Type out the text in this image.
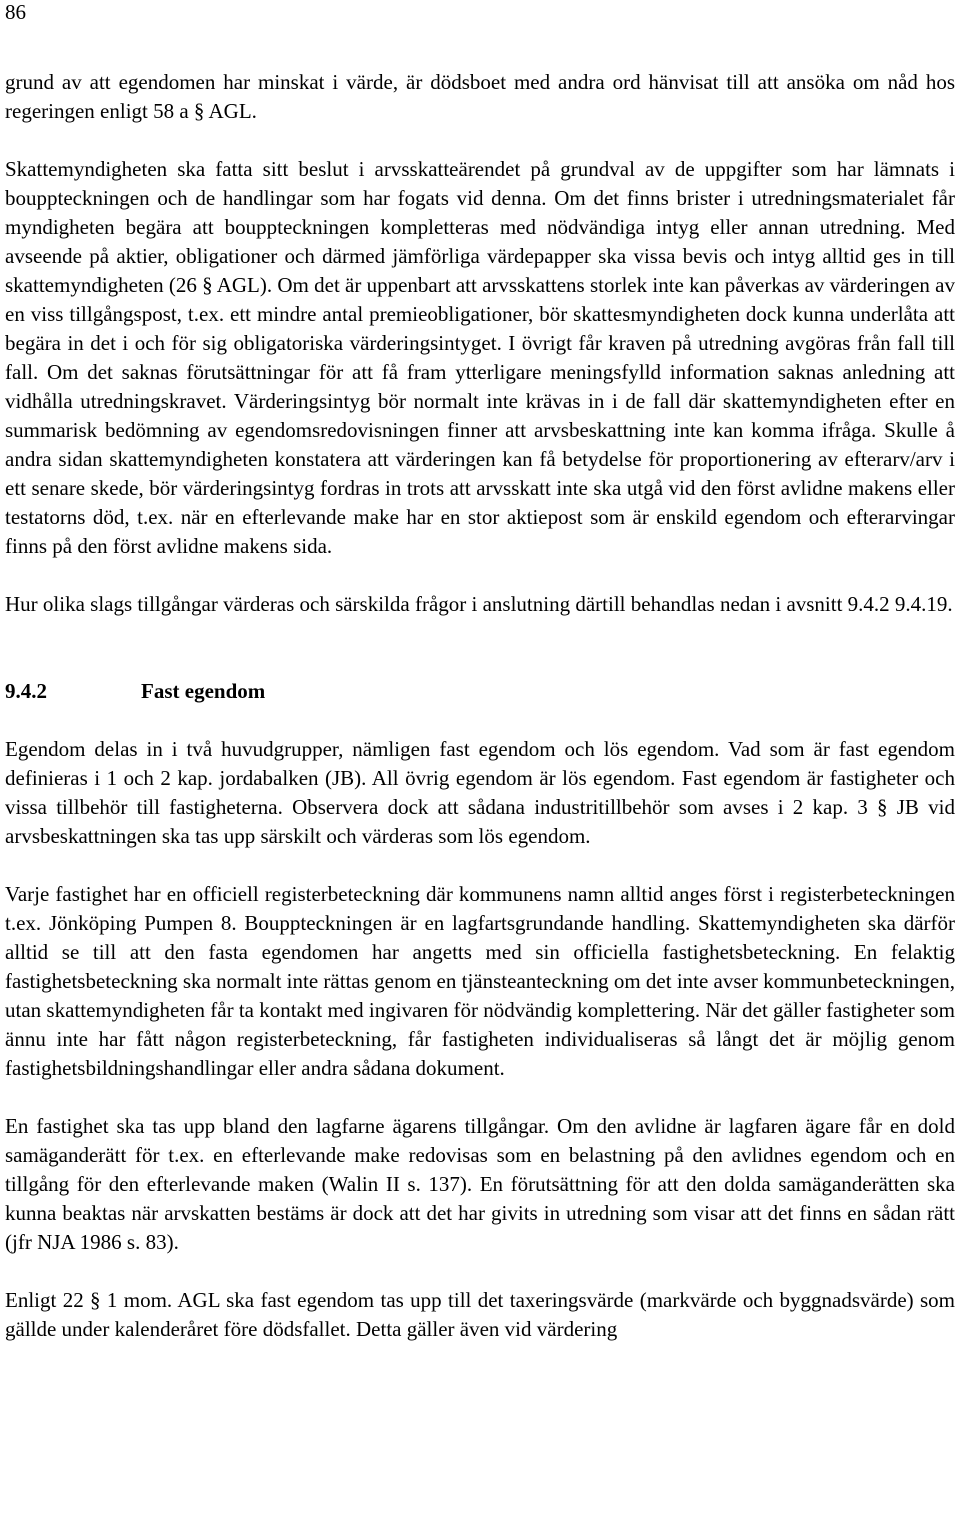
86

grund av att egendomen har minskat i värde, är dödsboet med andra ord hänvisat till att ansöka om nåd hos regeringen enligt 58 a § AGL.

Skattemyndigheten ska fatta sitt beslut i arvsskatteärendet på grundval av de uppgifter som har lämnats i bouppteckningen och de handlingar som har fogats vid denna. Om det finns brister i utredningsmaterialet får myndigheten begära att bouppteckningen kompletteras med nödvändiga intyg eller annan utredning. Med avseende på aktier, obligationer och därmed jämförliga värdepapper ska vissa bevis och intyg alltid ges in till skattemyndigheten (26 § AGL). Om det är uppenbart att arvsskattens storlek inte kan påverkas av värderingen av en viss tillgångspost, t.ex. ett mindre antal premieobligationer, bör skattesmyndigheten dock kunna underlåta att begära in det i och för sig obligatoriska värderingsintyget. I övrigt får kraven på utredning avgöras från fall till fall. Om det saknas förutsättningar för att få fram ytterligare meningsfylld information saknas anledning att vidhålla utredningskravet. Värderingsintyg bör normalt inte krävas in i de fall där skattemyndigheten efter en summarisk bedömning av egendomsredovisningen finner att arvsbeskattning inte kan komma ifråga. Skulle å andra sidan skattemyndigheten konstatera att värderingen kan få betydelse för proportionering av efterarv/arv i ett senare skede, bör värderingsintyg fordras in trots att arvsskatt inte ska utgå vid den först avlidne makens eller testatorns död, t.ex. när en efterlevande make har en stor aktiepost som är enskild egendom och efterarvingar finns på den först avlidne makens sida.

Hur olika slags tillgångar värderas och särskilda frågor i anslutning därtill behandlas nedan i avsnitt 9.4.2 9.4.19.

9.4.2	Fast egendom

Egendom delas in i två huvudgrupper, nämligen fast egendom och lös egendom. Vad som är fast egendom definieras i 1 och 2 kap. jordabalken (JB). All övrig egendom är lös egendom. Fast egendom är fastigheter och vissa tillbehör till fastigheterna. Observera dock att sådana industritillbehör som avses i 2 kap. 3 § JB vid arvsbeskattningen ska tas upp särskilt och värderas som lös egendom.

Varje fastighet har en officiell registerbeteckning där kommunens namn alltid anges först i registerbeteckningen t.ex. Jönköping Pumpen 8. Bouppteckningen är en lagfartsgrundande handling. Skattemyndigheten ska därför alltid se till att den fasta egendomen har angetts med sin officiella fastighetsbeteckning. En felaktig fastighetsbeteckning ska normalt inte rättas genom en tjänsteanteckning om det inte avser kommunbeteckningen, utan skattemyndigheten får ta kontakt med ingivaren för nödvändig komplettering. När det gäller fastigheter som ännu inte har fått någon registerbeteckning, får fastigheten individualiseras så långt det är möjlig genom fastighetsbildningshandlingar eller andra sådana dokument.

En fastighet ska tas upp bland den lagfarne ägarens tillgångar. Om den avlidne är lagfaren ägare får en dold samäganderätt för t.ex. en efterlevande make redovisas som en belastning på den avlidnes egendom och en tillgång för den efterlevande maken (Walin II s. 137). En förutsättning för att den dolda samäganderätten ska kunna beaktas när arvskatten bestäms är dock att det har givits in utredning som visar att det finns en sådan rätt (jfr NJA 1986 s. 83).

Enligt 22 § 1 mom. AGL ska fast egendom tas upp till det taxeringsvärde (markvärde och byggnadsvärde) som gällde under kalenderåret före dödsfallet. Detta gäller även vid värdering
